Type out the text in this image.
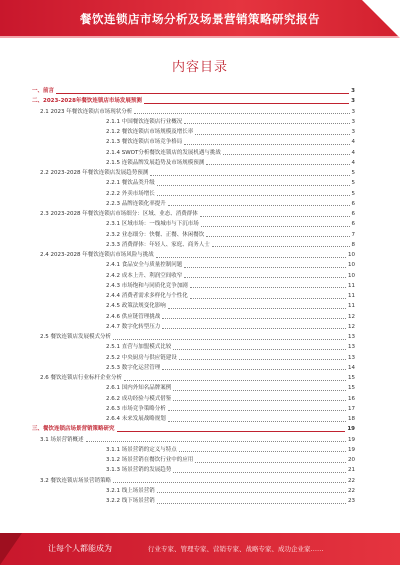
餐饮连锁店市场分析及场景营销策略研究报告
内容目录
一、前言	3
二、2023-2028年餐饮连锁店市场发展预测	3
2.1 2023 年餐饮连锁店市场现状分析	3
2.1.1 中国餐饮连锁店行业概况	3
2.1.2 餐饮连锁店市场规模及增长率	3
2.1.3 餐饮连锁店市场竞争格局	4
2.1.4 SWOT分析餐饮连锁店的发展机遇与挑战	4
2.1.5 连锁品牌发展趋势及市场规模预测	4
2.2 2023-2028 年餐饮连锁店发展趋势预测	5
2.2.1 餐饮品类升级	5
2.2.2 外卖市场增长	5
2.2.3 品牌连锁化率提升	6
2.3 2023-2028 年餐饮连锁店市场细分：区域、业态、消费群体	6
2.3.1 区域市场：一线城市与下沉市场	6
2.3.2 业态细分：快餐、正餐、休闲餐饮	7
2.3.3 消费群体：年轻人、家庭、商务人士	8
2.4 2023-2028 年餐饮连锁店市场风险与挑战	10
2.4.1 食品安全与质量控制问题	10
2.4.2 成本上升、利润空间收窄	10
2.4.3 市场饱和与同质化竞争加剧	11
2.4.4 消费者需求多样化与个性化	11
2.4.5 政策法规变化影响	11
2.4.6 供应链管理挑战	12
2.4.7 数字化转型压力	12
2.5 餐饮连锁店发展模式分析	13
2.5.1 直营与加盟模式比较	13
2.5.2 中央厨房与供应链建设	13
2.5.3 数字化运营管理	14
2.6 餐饮连锁店行业标杆企业分析	15
2.6.1 国内外知名品牌案例	15
2.6.2 成功经验与模式借鉴	16
2.6.3 市场竞争策略分析	17
2.6.4 未来发展战略规划	18
三、餐饮连锁店场景营销策略研究	19
3.1 场景营销概述	19
3.1.1 场景营销的定义与特点	19
3.1.2 场景营销在餐饮行业中的应用	20
3.1.3 场景营销的发展趋势	21
3.2 餐饮连锁店场景营销策略	22
3.2.1 线上场景营销	22
3.2.2 线下场景营销	23
让每个人都能成为	行业专家、管理专家、营销专家、战略专家、成功企业家……
